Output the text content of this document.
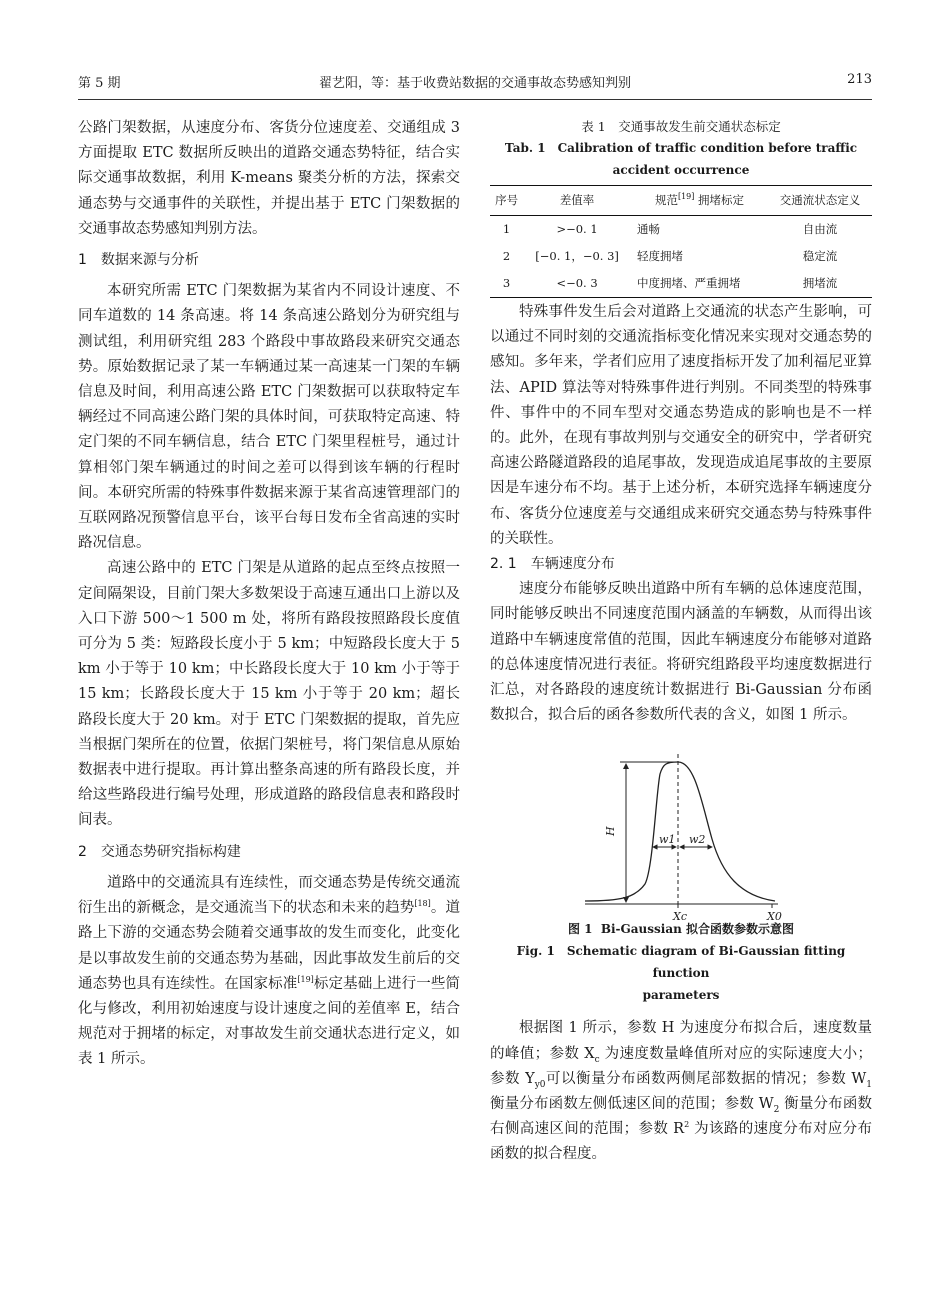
第 5 期	翟艺阳，等：基于收费站数据的交通事故态势感知判别	213

公路门架数据，从速度分布、客货分位速度差、交通组成 3 方面提取 ETC 数据所反映出的道路交通态势特征，结合实际交通事故数据，利用 K-means 聚类分析的方法，探索交通态势与交通事件的关联性，并提出基于 ETC 门架数据的交通事故态势感知判别方法。

1 数据来源与分析

本研究所需 ETC 门架数据为某省内不同设计速度、不同车道数的 14 条高速。将 14 条高速公路划分为研究组与测试组，利用研究组 283 个路段中事故路段来研究交通态势。原始数据记录了某一车辆通过某一高速某一门架的车辆信息及时间，利用高速公路 ETC 门架数据可以获取特定车辆经过不同高速公路门架的具体时间，可获取特定高速、特定门架的不同车辆信息，结合 ETC 门架里程桩号，通过计算相邻门架车辆通过的时间之差可以得到该车辆的行程时间。本研究所需的特殊事件数据来源于某省高速管理部门的互联网路况预警信息平台，该平台每日发布全省高速的实时路况信息。

高速公路中的 ETC 门架是从道路的起点至终点按照一定间隔架设，目前门架大多数架设于高速互通出口上游以及入口下游 500～1 500 m 处，将所有路段按照路段长度值可分为 5 类：短路段长度小于 5 km；中短路段长度大于 5 km 小于等于 10 km；中长路段长度大于 10 km 小于等于 15 km；长路段长度大于 15 km 小于等于 20 km；超长路段长度大于 20 km。对于 ETC 门架数据的提取，首先应当根据门架所在的位置，依据门架桩号，将门架信息从原始数据表中进行提取。再计算出整条高速的所有路段长度，并给这些路段进行编号处理，形成道路的路段信息表和路段时间表。

2 交通态势研究指标构建

道路中的交通流具有连续性，而交通态势是传统交通流衍生出的新概念，是交通流当下的状态和未来的趋势[18]。道路上下游的交通态势会随着交通事故的发生而变化，此变化是以事故发生前的交通态势为基础，因此事故发生前后的交通态势也具有连续性。在国家标准[19]标定基础上进行一些简化与修改，利用初始速度与设计速度之间的差值率 E，结合规范对于拥堵的标定，对事故发生前交通状态进行定义，如表 1 所示。

表 1　交通事故发生前交通状态标定
Tab. 1　Calibration of traffic condition before traffic
accident occurrence
序号	差值率	规范[19] 拥堵标定	交通流状态定义
1	>−0. 1	通畅	自由流
2	[−0. 1，−0. 3]	轻度拥堵	稳定流
3	<−0. 3	中度拥堵、严重拥堵	拥堵流

特殊事件发生后会对道路上交通流的状态产生影响，可以通过不同时刻的交通流指标变化情况来实现对交通态势的感知。多年来，学者们应用了速度指标开发了加利福尼亚算法、APID 算法等对特殊事件进行判别。不同类型的特殊事件、事件中的不同车型对交通态势造成的影响也是不一样的。此外，在现有事故判别与交通安全的研究中，学者研究高速公路隧道路段的追尾事故，发现造成追尾事故的主要原因是车速分布不均。基于上述分析，本研究选择车辆速度分布、客货分位速度差与交通组成来研究交通态势与特殊事件的关联性。

2. 1 车辆速度分布

速度分布能够反映出道路中所有车辆的总体速度范围，同时能够反映出不同速度范围内涵盖的车辆数，从而得出该道路中车辆速度常值的范围，因此车辆速度分布能够对道路的总体速度情况进行表征。将研究组路段平均速度数据进行汇总，对各路段的速度统计数据进行 Bi-Gaussian 分布函数拟合，拟合后的函各参数所代表的含义，如图 1 所示。

H
w1 w2
Xc	X0
图 1 Bi-Gaussian 拟合函数参数示意图
Fig. 1　Schematic diagram of Bi-Gaussian fitting function
parameters

根据图 1 所示，参数 H 为速度分布拟合后，速度数量的峰值；参数 $X_c$ 为速度数量峰值所对应的实际速度大小；参数 $Y_{y0}$可以衡量分布函数两侧尾部数据的情况；参数 $W_1$ 衡量分布函数左侧低速区间的范围；参数 $W_2$ 衡量分布函数右侧高速区间的范围；参数 $R^2$ 为该路的速度分布对应分布函数的拟合程度。
